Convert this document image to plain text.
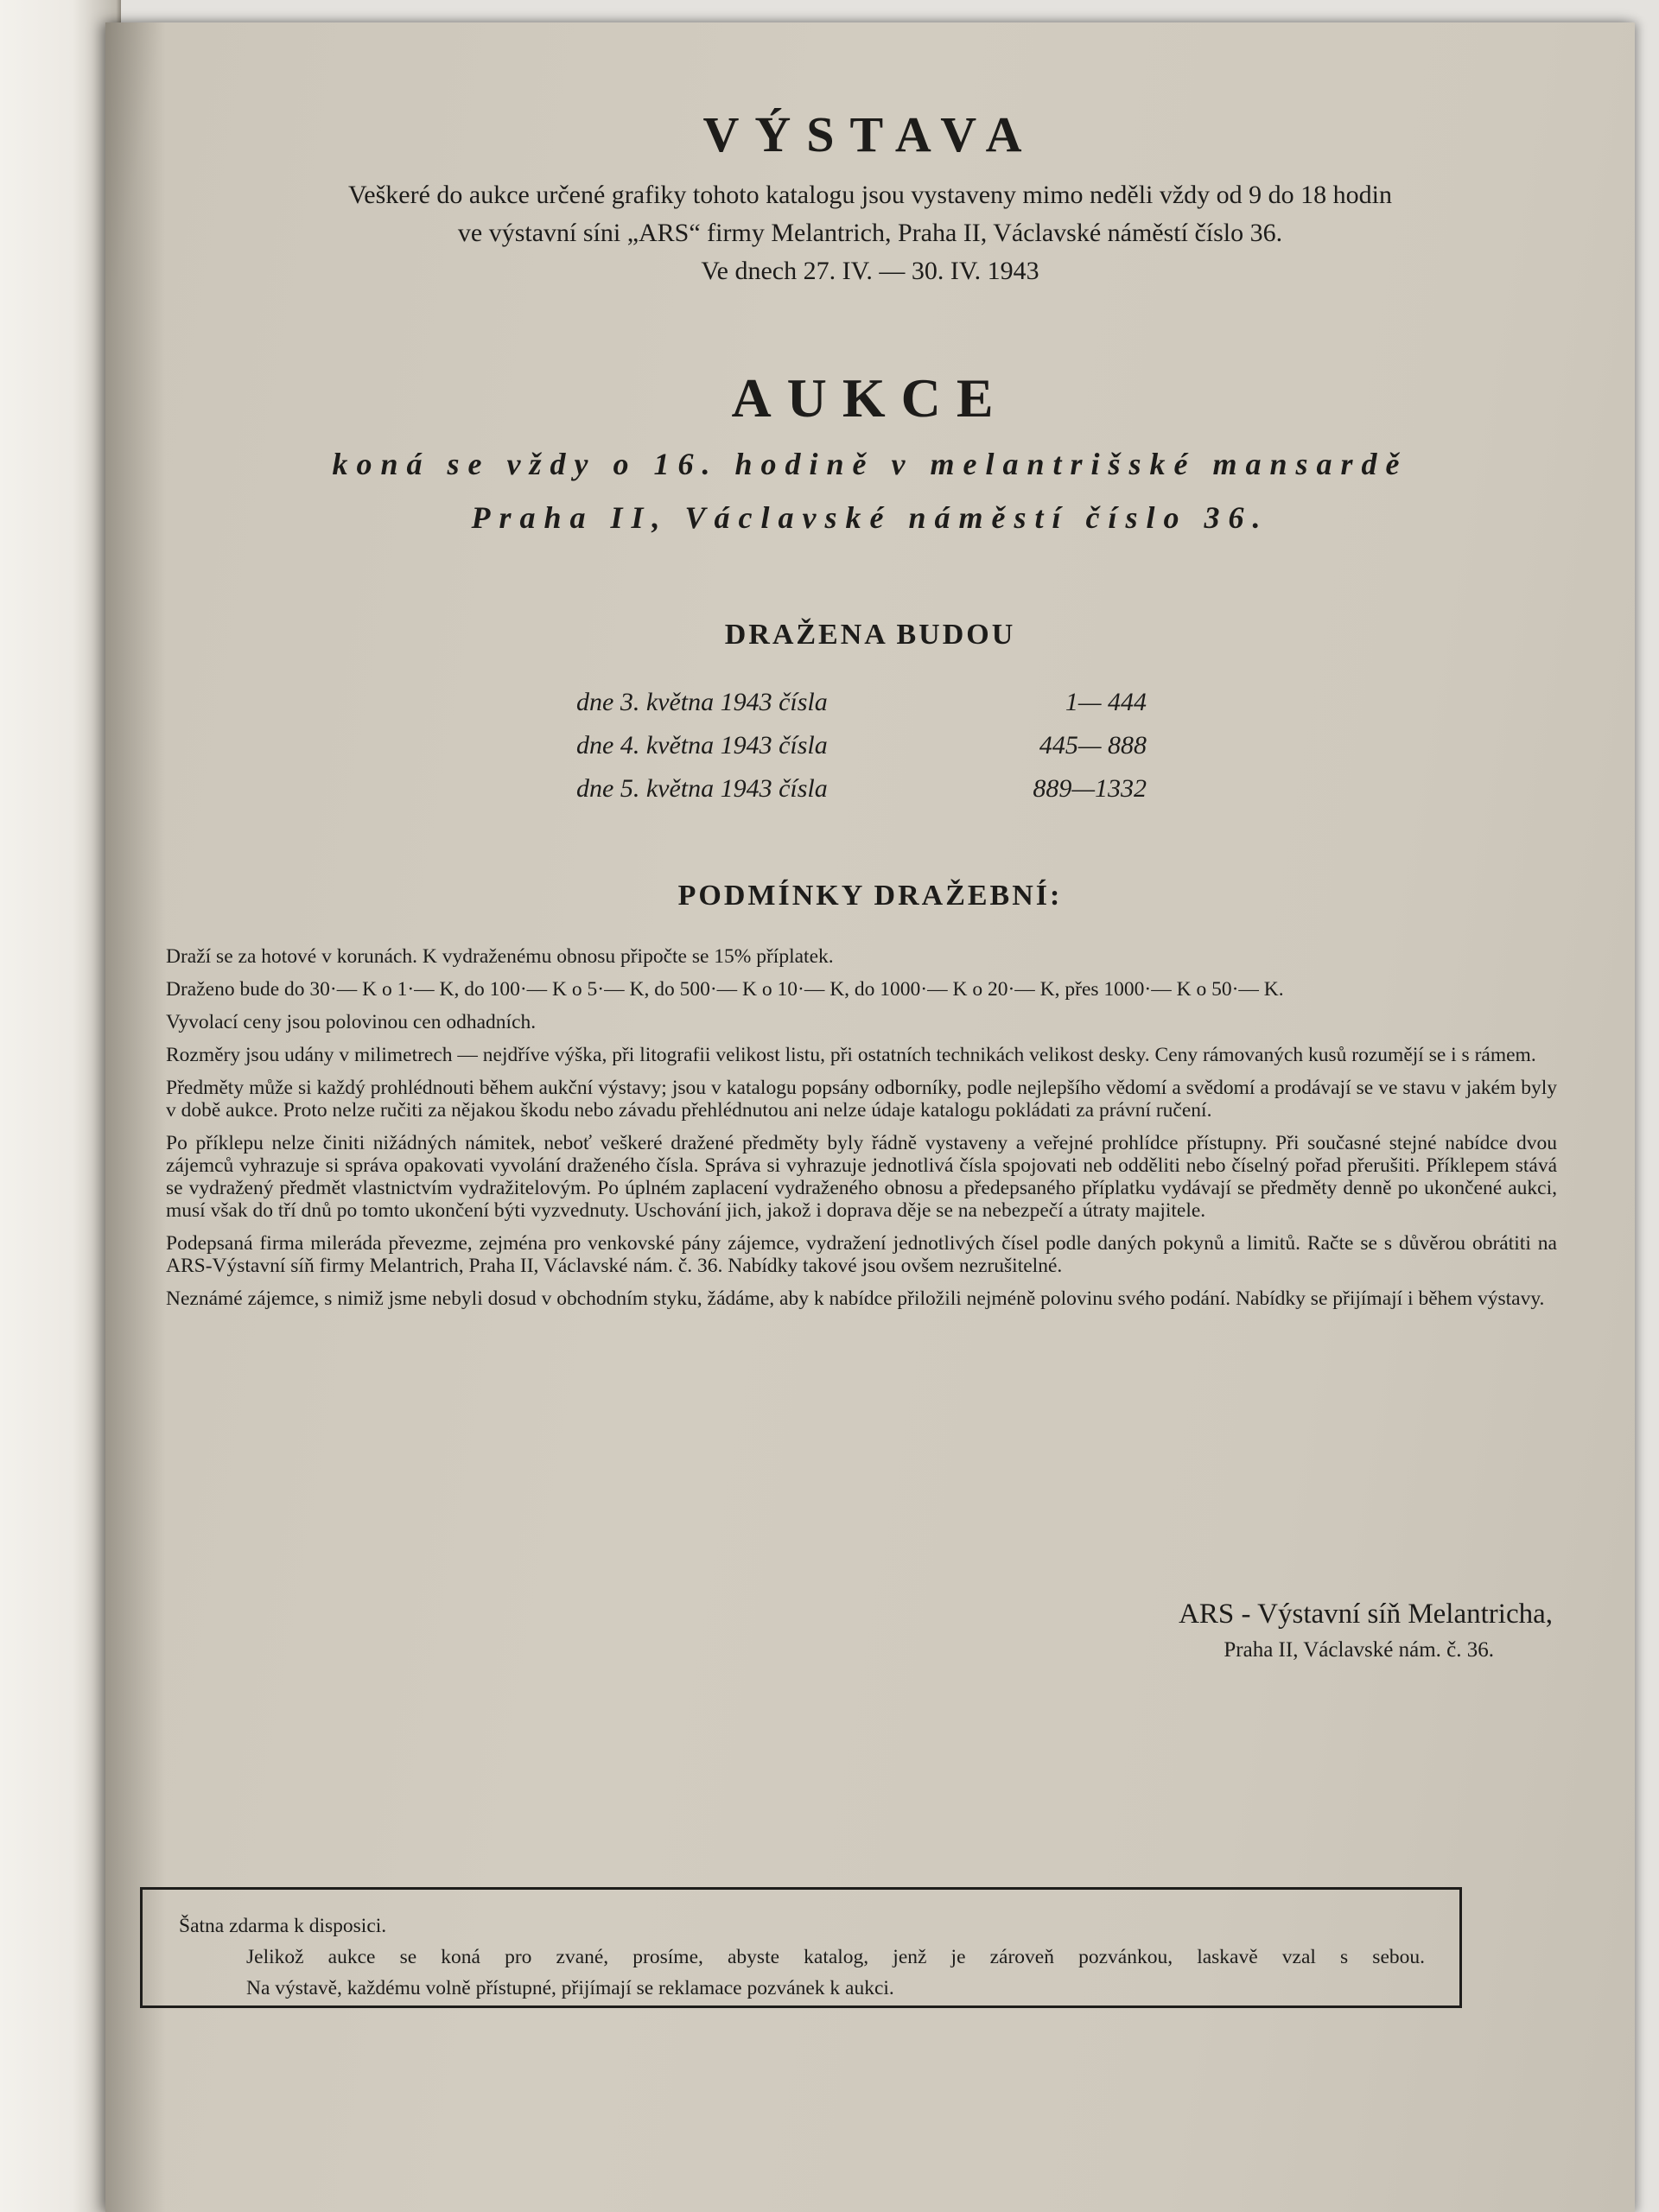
VÝSTAVA
Veškeré do aukce určené grafiky tohoto katalogu jsou vystaveny mimo neděli vždy od 9 do 18 hodin
ve výstavní síni „ARS“ firmy Melantrich, Praha II, Václavské náměstí číslo 36.
Ve dnech 27. IV. — 30. IV. 1943
AUKCE
koná se vždy o 16. hodině v melantrišské mansardě
Praha II, Václavské náměstí číslo 36.
DRAŽENA BUDOU
dne 3. května 1943 čísla	1— 444
dne 4. května 1943 čísla	445— 888
dne 5. května 1943 čísla	889—1332
PODMÍNKY DRAŽEBNÍ:

Draží se za hotové v korunách. K vydraženému obnosu připočte se 15% příplatek.

Draženo bude do 30·— K o 1·— K, do 100·— K o 5·— K, do 500·— K o 10·— K, do 1000·— K o 20·— K, přes 1000·— K o 50·— K.

Vyvolací ceny jsou polovinou cen odhadních.

Rozměry jsou udány v milimetrech — nejdříve výška, při litografii velikost listu, při ostatních technikách velikost desky. Ceny rámovaných kusů rozumějí se i s rámem.

Předměty může si každý prohlédnouti během aukční výstavy; jsou v katalogu popsány odborníky, podle nejlepšího vědomí a svědomí a prodávají se ve stavu v jakém byly v době aukce. Proto nelze ručiti za nějakou škodu nebo závadu přehlédnutou ani nelze údaje katalogu pokládati za právní ručení.

Po příklepu nelze činiti nižádných námitek, neboť veškeré dražené předměty byly řádně vystaveny a veřejné prohlídce přístupny. Při současné stejné nabídce dvou zájemců vyhrazuje si správa opakovati vyvolání draženého čísla. Správa si vyhrazuje jednotlivá čísla spojovati neb odděliti nebo číselný pořad přerušiti. Příklepem stává se vydražený předmět vlastnictvím vydražitelovým. Po úplném zaplacení vydraženého obnosu a předepsaného příplatku vydávají se předměty denně po ukončené aukci, musí však do tří dnů po tomto ukončení býti vyzvednuty. Uschování jich, jakož i doprava děje se na nebezpečí a útraty majitele.

Podepsaná firma mileráda převezme, zejména pro venkovské pány zájemce, vydražení jednotlivých čísel podle daných pokynů a limitů. Račte se s důvěrou obrátiti na ARS-Výstavní síň firmy Melantrich, Praha II, Václavské nám. č. 36. Nabídky takové jsou ovšem nezrušitelné.

Neznámé zájemce, s nimiž jsme nebyli dosud v obchodním styku, žádáme, aby k nabídce přiložili nejméně polovinu svého podání. Nabídky se přijímají i během výstavy.

ARS - Výstavní síň Melantricha,
Praha II, Václavské nám. č. 36.
Šatna zdarma k disposici.
Jelikož aukce se koná pro zvané, prosíme, abyste katalog, jenž je zároveň pozvánkou, laskavě vzal s sebou.
Na výstavě, každému volně přístupné, přijímají se reklamace pozvánek k aukci.
